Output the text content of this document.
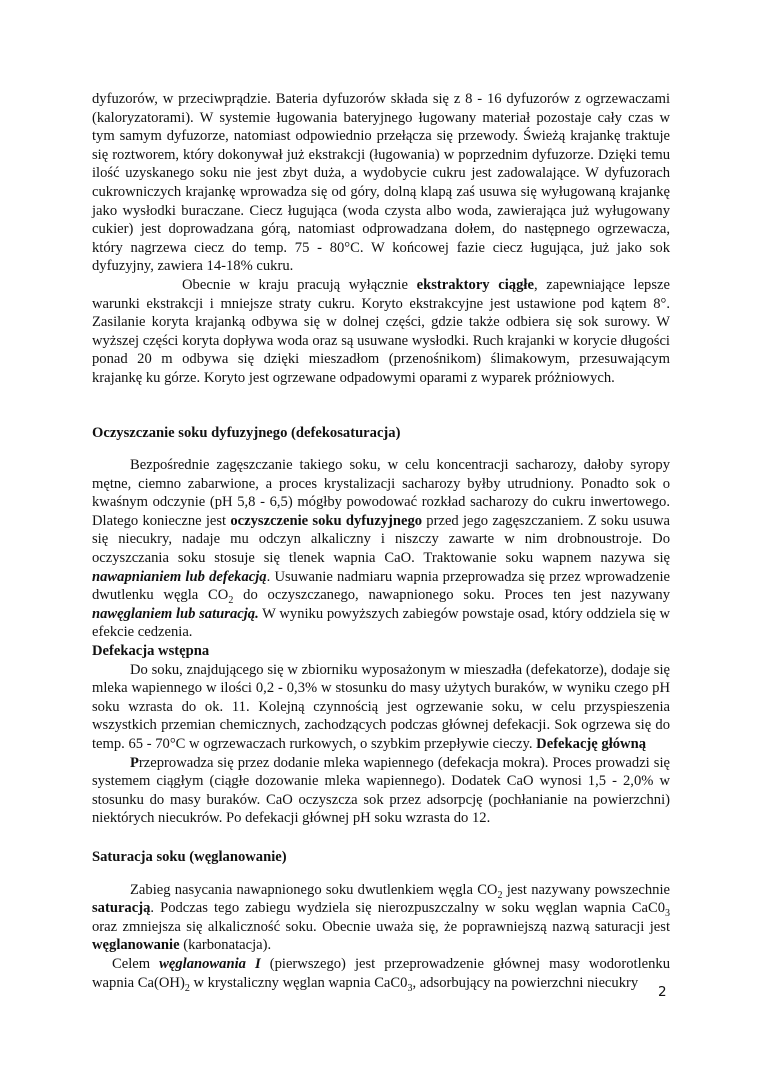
dyfuzorów, w przeciwprądzie. Bateria dyfuzorów składa się z 8 - 16 dyfuzorów z ogrzewaczami (kaloryzatorami). W systemie ługowania bateryjnego ługowany materiał pozostaje cały czas w tym samym dyfuzorze, natomiast odpowiednio przełącza się przewody. Świeżą krajankę traktuje się roztworem, który dokonywał już ekstrakcji (ługowania) w poprzednim dyfuzorze. Dzięki temu ilość uzyskanego soku nie jest zbyt duża, a wydobycie cukru jest zadowalające. W dyfuzorach cukrowniczych krajankę wprowadza się od góry, dolną klapą zaś usuwa się wyługowaną krajankę jako wysłodki buraczane. Ciecz ługująca (woda czysta albo woda, zawierająca już wyługowany cukier) jest doprowadzana górą, natomiast odprowadzana dołem, do następnego ogrzewacza, który nagrzewa ciecz do temp. 75 - 80°C. W końcowej fazie ciecz ługująca, już jako sok dyfuzyjny, zawiera 14-18% cukru.

Obecnie w kraju pracują wyłącznie ekstraktory ciągłe, zapewniające lepsze warunki ekstrakcji i mniejsze straty cukru. Koryto ekstrakcyjne jest ustawione pod kątem 8°. Zasilanie koryta krajanką odbywa się w dolnej części, gdzie także odbiera się sok surowy. W wyższej części koryta dopływa woda oraz są usuwane wysłodki. Ruch krajanki w korycie długości ponad 20 m odbywa się dzięki mieszadłom (przenośnikom) ślimakowym, przesuwającym krajankę ku górze. Koryto jest ogrzewane odpadowymi oparami z wyparek próżniowych.

Oczyszczanie soku dyfuzyjnego (defekosaturacja)

Bezpośrednie zagęszczanie takiego soku, w celu koncentracji sacharozy, dałoby syropy mętne, ciemno zabarwione, a proces krystalizacji sacharozy byłby utrudniony. Ponadto sok o kwaśnym odczynie (pH 5,8 - 6,5) mógłby powodować rozkład sacharozy do cukru inwertowego. Dlatego konieczne jest oczyszczenie soku dyfuzyjnego przed jego zagęszczaniem. Z soku usuwa się niecukry, nadaje mu odczyn alkaliczny i niszczy zawarte w nim drobnoustroje. Do oczyszczania soku stosuje się tlenek wapnia CaO. Traktowanie soku wapnem nazywa się nawapnianiem lub defekacją. Usuwanie nadmiaru wapnia przeprowadza się przez wprowadzenie dwutlenku węgla $CO_2$ do oczyszczanego, nawapnionego soku. Proces ten jest nazywany nawęglaniem lub saturacją. W wyniku powyższych zabiegów powstaje osad, który oddziela się w efekcie cedzenia.

Defekacja wstępna

Do soku, znajdującego się w zbiorniku wyposażonym w mieszadła (defekatorze), dodaje się mleka wapiennego w ilości 0,2 - 0,3% w stosunku do masy użytych buraków, w wyniku czego pH soku wzrasta do ok. 11. Kolejną czynnością jest ogrzewanie soku, w celu przyspieszenia wszystkich przemian chemicznych, zachodzących podczas głównej defekacji. Sok ogrzewa się do temp. 65 - 70°C w ogrzewaczach rurkowych, o szybkim przepływie cieczy. Defekację główną

Przeprowadza się przez dodanie mleka wapiennego (defekacja mokra). Proces prowadzi się systemem ciągłym (ciągłe dozowanie mleka wapiennego). Dodatek CaO wynosi 1,5 - 2,0% w stosunku do masy buraków. CaO oczyszcza sok przez adsorpcję (pochłanianie na powierzchni) niektórych niecukrów. Po defekacji głównej pH soku wzrasta do 12.

Saturacja soku (węglanowanie)

Zabieg nasycania nawapnionego soku dwutlenkiem węgla $CO_2$ jest nazywany powszechnie saturacją. Podczas tego zabiegu wydziela się nierozpuszczalny w soku węglan wapnia $CaC0_3$ oraz zmniejsza się alkaliczność soku. Obecnie uważa się, że poprawniejszą nazwą saturacji jest węglanowanie (karbonatacja).

Celem węglanowania I (pierwszego) jest przeprowadzenie głównej masy wodorotlenku wapnia $Ca(OH)_2$ w krystaliczny węglan wapnia $CaC0_3$, adsorbujący na powierzchni niecukry

2
